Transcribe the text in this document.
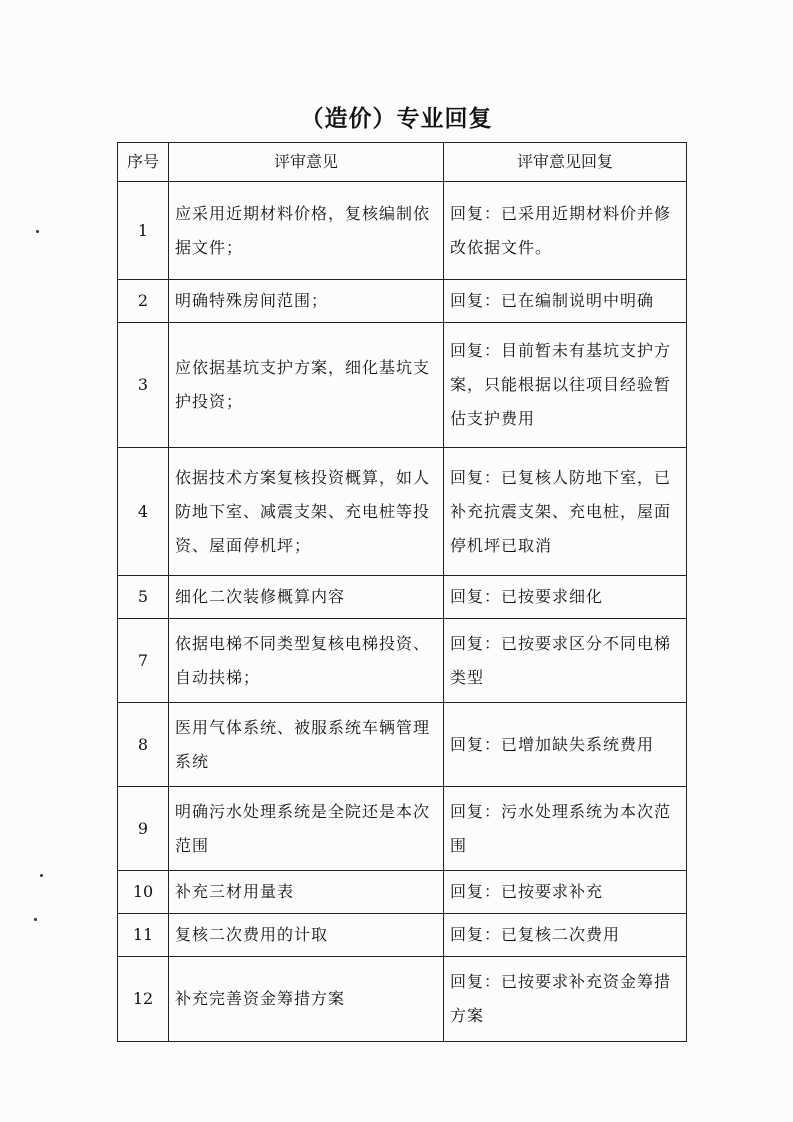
（造价）专业回复
序号	评审意见	评审意见回复
1	应采用近期材料价格，复核编制依据文件；	回复：已采用近期材料价并修改依据文件。
2	明确特殊房间范围；	回复：已在编制说明中明确
3	应依据基坑支护方案，细化基坑支护投资；	回复：目前暂未有基坑支护方案，只能根据以往项目经验暂估支护费用
4	依据技术方案复核投资概算，如人防地下室、减震支架、充电桩等投资、屋面停机坪；	回复：已复核人防地下室，已补充抗震支架、充电桩，屋面停机坪已取消
5	细化二次装修概算内容	回复：已按要求细化
7	依据电梯不同类型复核电梯投资、自动扶梯；	回复：已按要求区分不同电梯类型
8	医用气体系统、被服系统车辆管理系统	回复：已增加缺失系统费用
9	明确污水处理系统是全院还是本次范围	回复：污水处理系统为本次范围
10	补充三材用量表	回复：已按要求补充
11	复核二次费用的计取	回复：已复核二次费用
12	补充完善资金筹措方案	回复：已按要求补充资金筹措方案
